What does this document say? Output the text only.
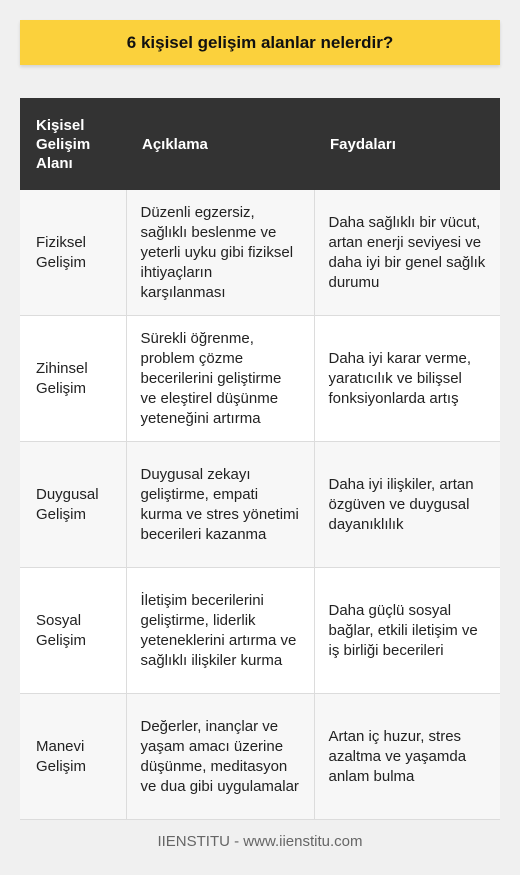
6 kişisel gelişim alanlar nelerdir?
Kişisel Gelişim Alanı	Açıklama	Faydaları
Fiziksel Gelişim	Düzenli egzersiz, sağlıklı beslenme ve yeterli uyku gibi fiziksel ihtiyaçların karşılanması	Daha sağlıklı bir vücut, artan enerji seviyesi ve daha iyi bir genel sağlık durumu
Zihinsel Gelişim	Sürekli öğrenme, problem çözme becerilerini geliştirme ve eleştirel düşünme yeteneğini artırma	Daha iyi karar verme, yaratıcılık ve bilişsel fonksiyonlarda artış
Duygusal Gelişim	Duygusal zekayı geliştirme, empati kurma ve stres yönetimi becerileri kazanma	Daha iyi ilişkiler, artan özgüven ve duygusal dayanıklılık
Sosyal Gelişim	İletişim becerilerini geliştirme, liderlik yeteneklerini artırma ve sağlıklı ilişkiler kurma	Daha güçlü sosyal bağlar, etkili iletişim ve iş birliği becerileri
Manevi Gelişim	Değerler, inançlar ve yaşam amacı üzerine düşünme, meditasyon ve dua gibi uygulamalar	Artan iç huzur, stres azaltma ve yaşamda anlam bulma
IIENSTITU - www.iienstitu.com
